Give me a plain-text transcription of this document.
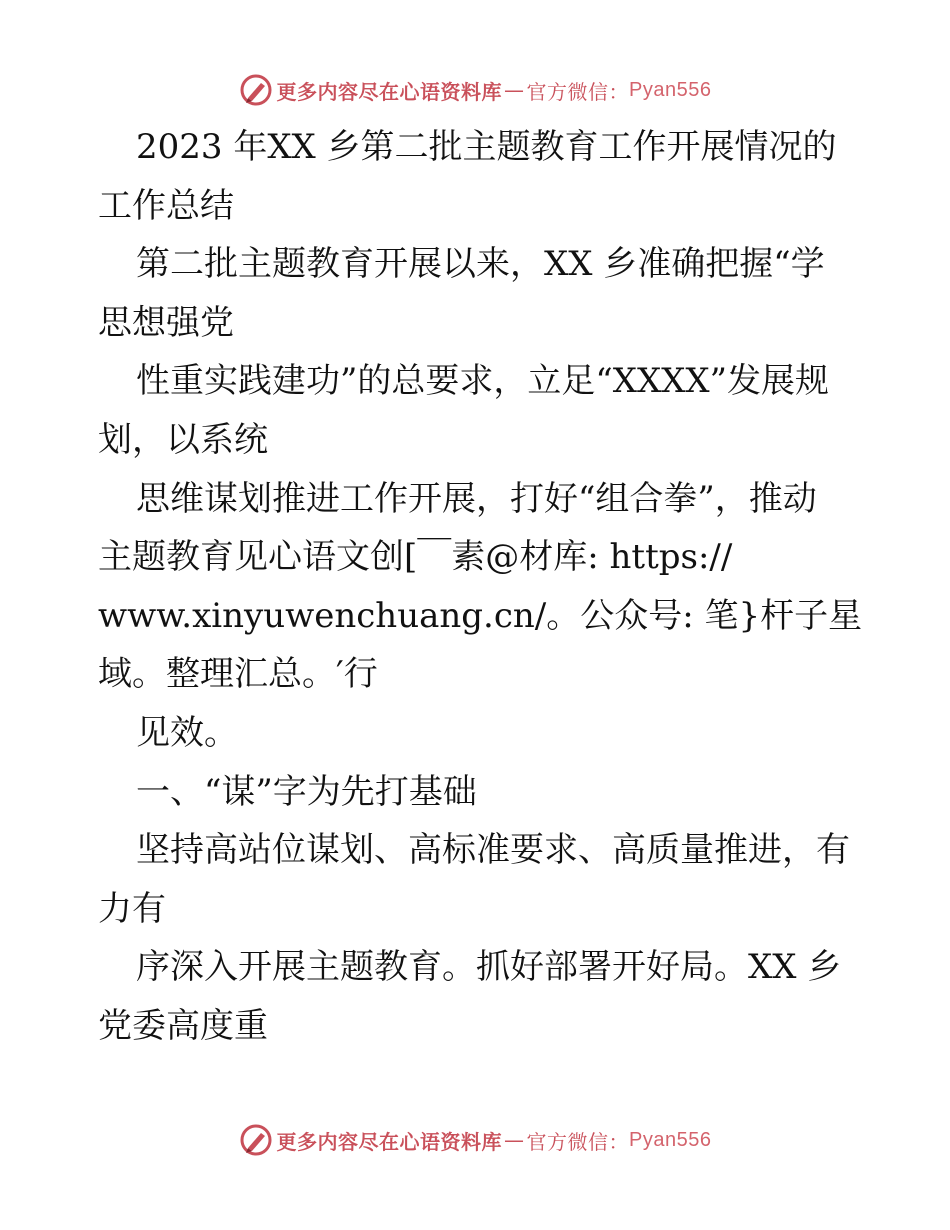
更多内容尽在心语资料库 — 官方微信： Pyan556
2023 年XX 乡第二批主题教育工作开展情况的
工作总结
第二批主题教育开展以来，XX 乡准确把握“学
思想强党
性重实践建功”的总要求，立足“XXXX”发展规
划，以系统
思维谋划推进工作开展，打好“组合拳”，推动
主题教育见心语文创[￣素@材库: https://
www.xinyuwenchuang.cn/。公众号: 笔}杆子星
域。整理汇总。′行
见效。
一、“谋”字为先打基础
坚持高站位谋划、高标准要求、高质量推进，有
力有
序深入开展主题教育。抓好部署开好局。XX 乡
党委高度重
更多内容尽在心语资料库 — 官方微信： Pyan556
